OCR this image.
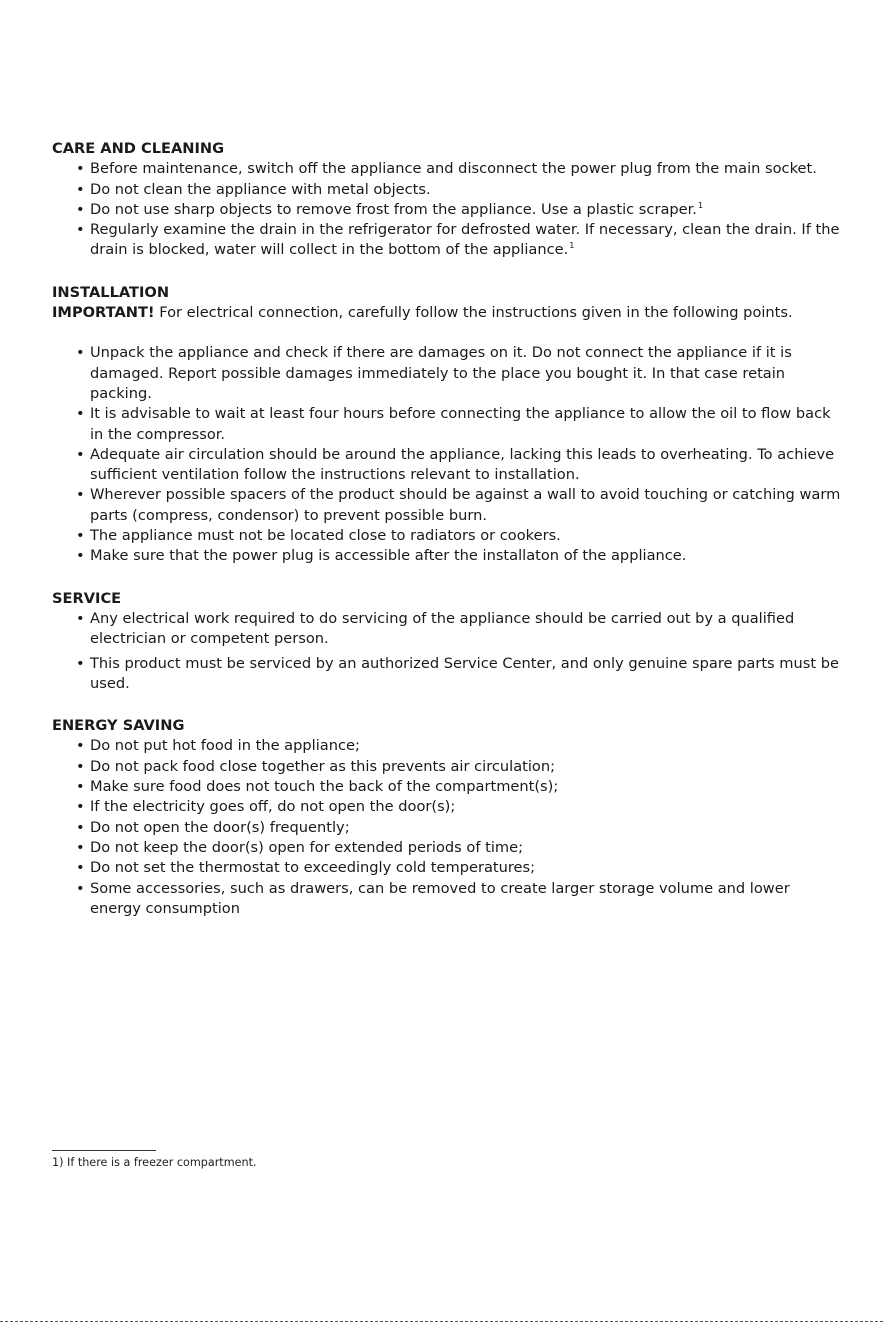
CARE AND CLEANING
• Before maintenance, switch off the appliance and disconnect the power plug from the main socket.
• Do not clean the appliance with metal objects.
• Do not use sharp objects to remove frost from the appliance. Use a plastic scraper.$^1$
• Regularly examine the drain in the refrigerator for defrosted water. If necessary, clean the drain. If the drain is blocked, water will collect in the bottom of the appliance.$^1$
INSTALLATION

IMPORTANT! For electrical connection, carefully follow the instructions given in the following points.

• Unpack the appliance and check if there are damages on it. Do not connect the appliance if it is damaged. Report possible damages immediately to the place you bought it. In that case retain packing.
• It is advisable to wait at least four hours before connecting the appliance to allow the oil to flow back in the compressor.
• Adequate air circulation should be around the appliance, lacking this leads to overheating. To achieve sufficient ventilation follow the instructions relevant to installation.
• Wherever possible spacers of the product should be against a wall to avoid touching or catching warm parts (compress, condensor) to prevent possible burn.
• The appliance must not be located close to radiators or cookers.
• Make sure that the power plug is accessible after the installaton of the appliance.
SERVICE
• Any electrical work required to do servicing of the appliance should be carried out by a qualified electrician or competent person.
• This product must be serviced by an authorized Service Center, and only genuine spare parts must be used.
ENERGY SAVING
• Do not put hot food in the appliance;
• Do not pack food close together as this prevents air circulation;
• Make sure food does not touch the back of the compartment(s);
• If the electricity goes off, do not open the door(s);
• Do not open the door(s) frequently;
• Do not keep the door(s) open for extended periods of time;
• Do not set the thermostat to exceedingly cold temperatures;
• Some accessories, such as drawers, can be removed to create larger storage volume and lower energy consumption
1) If there is a freezer compartment.
